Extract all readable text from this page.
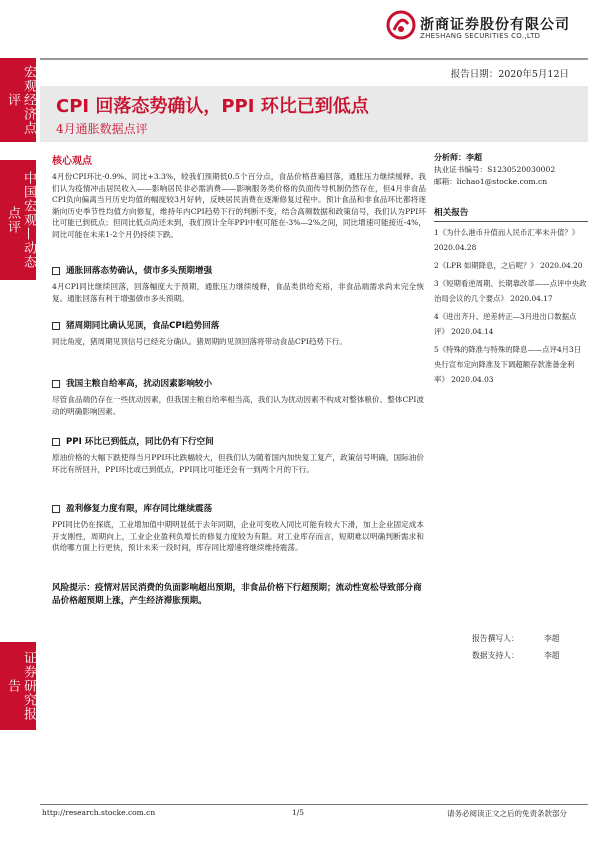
宏观经济点评
中国宏观—动态点评
证券研究报告
浙商证券股份有限公司
ZHESHANG SECURITIES CO.,LTD
报告日期：2020年5月12日
CPI 回落态势确认，PPI 环比已到低点
4月通胀数据点评
核心观点
4月份CPI环比-0.9%、同比+3.3%，较我们预期低0.5个百分点，食品价格普遍回落，通胀压力继续缓释。我们认为疫情冲击居民收入——影响居民非必需消费——影响服务类价格的负面传导机制仍然存在，但4月非食品CPI负向偏离当月历史均值的幅度较3月好转，反映居民消费在逐渐修复过程中。预计食品和非食品环比都将逐渐向历史季节性均值方向修复，维持年内CPI趋势下行的判断不变，结合高频数据和政策信号，我们认为PPI环比可能已到低点；但同比低点尚还未到，我们预计全年PPI中枢可能在-3%—2%之间，同比增速可能接近-4%，同比可能在未来1-2个月仍持续下跌。
通胀回落态势确认，债市多头预期增强
4月CPI同比继续回落，回落幅度大于预期，通胀压力继续缓释，食品类供给充裕，非食品端需求尚未完全恢复。通胀回落有利于增强债市多头预期。
猪周期同比确认见顶，食品CPI趋势回落
同比角度，猪周期见顶信号已经充分确认。猪周期的见顶回落将带动食品CPI趋势下行。
我国主粮自给率高，扰动因素影响较小
尽管食品端仍存在一些扰动因素，但我国主粮自给率相当高，我们认为扰动因素不构成对整体粮价、整体CPI波动的明确影响因素。
PPI 环比已到低点，同比仍有下行空间
原油价格的大幅下跌使得当月PPI环比跌幅较大，但我们认为随着国内加快复工复产，政策信号明确，国际油价环比有所回升，PPI环比或已到低点，PPI同比可能还会有一到两个月的下行。
盈利修复力度有限，库存同比继续震荡
PPI同比仍在探底，工业增加值中期明显低于去年同期，企业可变收入同比可能有较大下滑，加上企业固定成本开支刚性，周期向上，工业企业盈利负增长的修复力度较为有限。对工业库存而言，短期难以明确判断需求和供给哪方面上行更快，预计未来一段时间，库存同比增速将继续维持震荡。
风险提示：疫情对居民消费的负面影响超出预期，非食品价格下行超预期；流动性宽松导致部分商品价格超预期上涨，产生经济滞胀预期。
分析师：李超
执业证书编号：S1230520030002
邮箱：lichao1@stocke.com.cn
相关报告
1《为什么港币升值而人民币汇率未升值？》 2020.04.28
2《LPR 如期降息，之后呢？》 2020.04.20
3《短期看逆周期、长期靠改革——点评中央政治局会议的几个要点》 2020.04.17
4《进出齐升、逆差转正—3月进出口数据点评》 2020.04.14
5《特殊的降准与特殊的降息——点评4月3日央行宣布定向降准及下调超额存款准备金利率》 2020.04.03
报告撰写人：	李超
数据支持人：	李超
http://research.stocke.com.cn	1/5	请务必阅读正文之后的免责条款部分
